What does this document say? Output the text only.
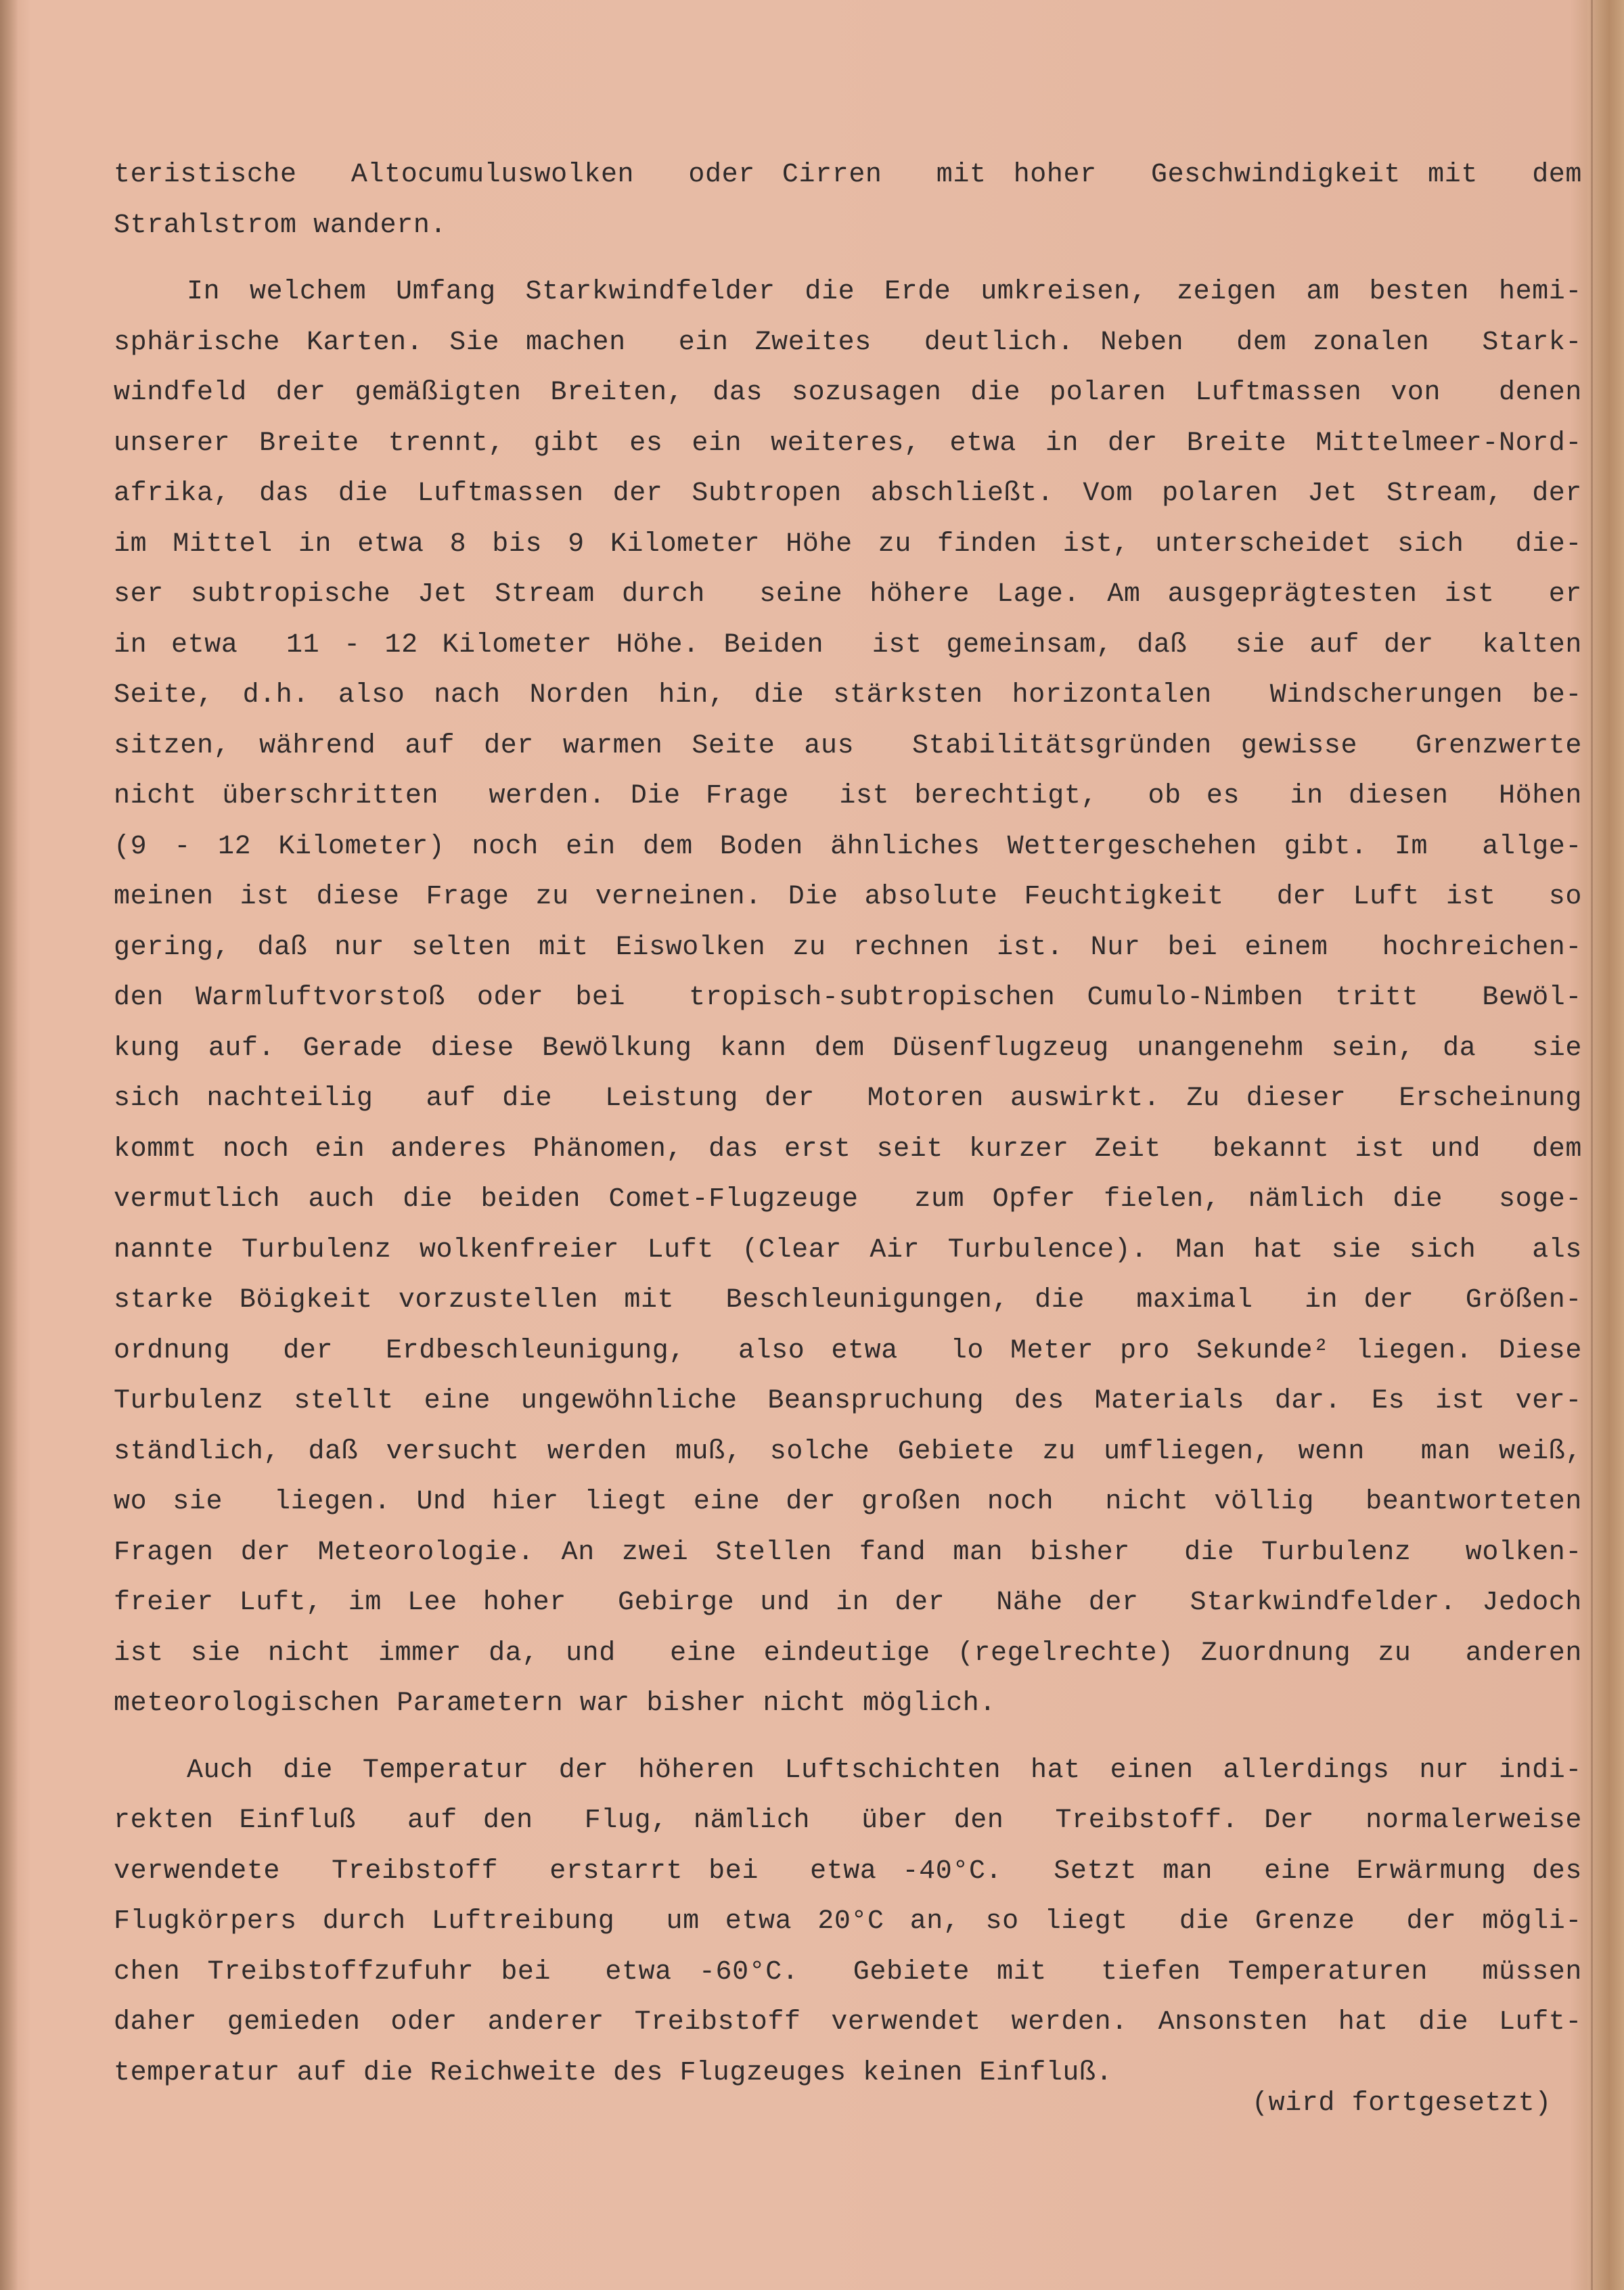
teristische  Altocumuluswolken  oder Cirren  mit hoher  Geschwindigkeit mit  dem
Strahlstrom wandern.
In welchem Umfang Starkwindfelder die Erde umkreisen, zeigen am besten hemi-
sphärische Karten. Sie machen  ein Zweites  deutlich. Neben  dem zonalen  Stark-
windfeld der gemäßigten Breiten, das sozusagen die polaren Luftmassen von  denen
unserer Breite trennt, gibt es ein weiteres, etwa in der Breite Mittelmeer-Nord-
afrika, das die Luftmassen der Subtropen abschließt. Vom polaren Jet Stream, der
im Mittel in etwa 8 bis 9 Kilometer Höhe zu finden ist, unterscheidet sich  die-
ser subtropische Jet Stream durch  seine höhere Lage. Am ausgeprägtesten ist  er
in etwa  11 - 12 Kilometer Höhe. Beiden  ist gemeinsam, daß  sie auf der  kalten
Seite, d.h. also nach Norden hin, die stärksten horizontalen  Windscherungen be-
sitzen, während auf der warmen Seite aus  Stabilitätsgründen gewisse  Grenzwerte
nicht überschritten  werden. Die Frage  ist berechtigt,  ob es  in diesen  Höhen
(9 - 12 Kilometer) noch ein dem Boden ähnliches Wettergeschehen gibt. Im  allge-
meinen ist diese Frage zu verneinen. Die absolute Feuchtigkeit  der Luft ist  so
gering, daß nur selten mit Eiswolken zu rechnen ist. Nur bei einem  hochreichen-
den Warmluftvorstoß oder bei  tropisch-subtropischen Cumulo-Nimben tritt  Bewöl-
kung auf. Gerade diese Bewölkung kann dem Düsenflugzeug unangenehm sein, da  sie
sich nachteilig  auf die  Leistung der  Motoren auswirkt. Zu dieser  Erscheinung
kommt noch ein anderes Phänomen, das erst seit kurzer Zeit  bekannt ist und  dem
vermutlich auch die beiden Comet-Flugzeuge  zum Opfer fielen, nämlich die  soge-
nannte Turbulenz wolkenfreier Luft (Clear Air Turbulence). Man hat sie sich  als
starke Böigkeit vorzustellen mit  Beschleunigungen, die  maximal  in der  Größen-
ordnung  der  Erdbeschleunigung,  also etwa  lo Meter pro Sekunde² liegen. Diese
Turbulenz stellt eine ungewöhnliche Beanspruchung des Materials dar. Es ist ver-
ständlich, daß versucht werden muß, solche Gebiete zu umfliegen, wenn  man weiß,
wo sie  liegen. Und hier liegt eine der großen noch  nicht völlig  beantworteten
Fragen der Meteorologie. An zwei Stellen fand man bisher  die Turbulenz  wolken-
freier Luft, im Lee hoher  Gebirge und in der  Nähe der  Starkwindfelder. Jedoch
ist sie nicht immer da, und  eine eindeutige (regelrechte) Zuordnung zu  anderen
meteorologischen Parametern war bisher nicht möglich.
Auch die Temperatur der höheren Luftschichten hat einen allerdings nur indi-
rekten Einfluß  auf den  Flug, nämlich  über den  Treibstoff. Der  normalerweise
verwendete  Treibstoff  erstarrt bei  etwa -40°C.  Setzt man  eine Erwärmung des
Flugkörpers durch Luftreibung  um etwa 20°C an, so liegt  die Grenze  der mögli-
chen Treibstoffzufuhr bei  etwa -60°C.  Gebiete mit  tiefen Temperaturen  müssen
daher gemieden oder anderer Treibstoff verwendet werden. Ansonsten hat die Luft-
temperatur auf die Reichweite des Flugzeuges keinen Einfluß.
(wird fortgesetzt)
